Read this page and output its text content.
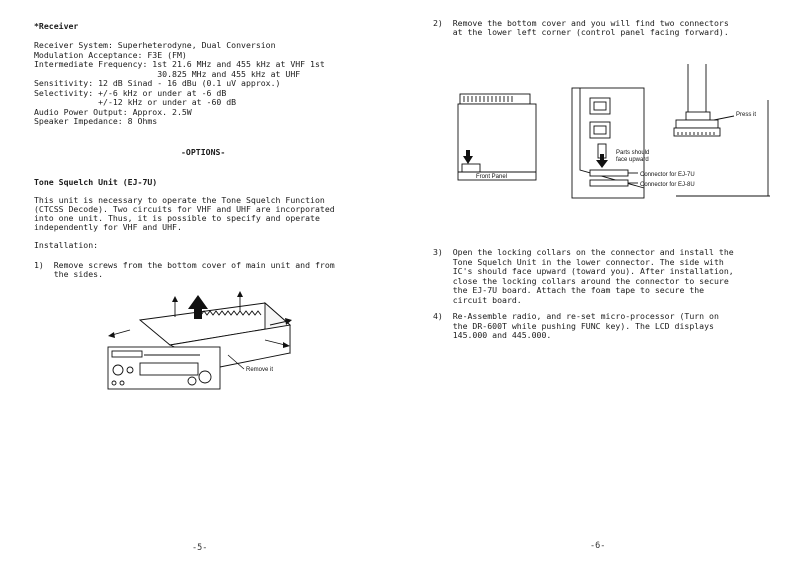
*Receiver

Receiver System: Superheterodyne, Dual Conversion

Modulation Acceptance: F3E (FM)

Intermediate Frequency: 1st 21.6 MHz and 455 kHz at VHF 1st

30.825 MHz and 455 kHz at UHF

Sensitivity: 12 dB Sinad - 16 dBu (0.1 uV approx.)

Selectivity: +/-6 kHz or under at -6 dB

+/-12 kHz or under at -60 dB

Audio Power Output: Approx. 2.5W

Speaker Impedance: 8 Ohms

-OPTIONS-

Tone Squelch Unit (EJ-7U)

This unit is necessary to operate the Tone Squelch Function

(CTCSS Decode). Two circuits for VHF and UHF are incorporated

into one unit. Thus, it is possible to specify and operate

independently for VHF and UHF.

Installation:

1)  Remove screws from the bottom cover of main unit and from

the sides.

Remove it

-5-

2)  Remove the bottom cover and you will find two connectors

at the lower left corner (control panel facing forward).

Front Panel
Parts should
face upward
Connector for EJ-7U
Connector for EJ-8U
Press it

3)  Open the locking collars on the connector and install the

Tone Squelch Unit in the lower connector. The side with

IC's should face upward (toward you). After installation,

close the locking collars around the connector to secure

the EJ-7U board. Attach the foam tape to secure the

circuit board.

4)  Re-Assemble radio, and re-set micro-processor (Turn on

the DR-600T while pushing FUNC key). The LCD displays

145.000 and 445.000.

-6-
